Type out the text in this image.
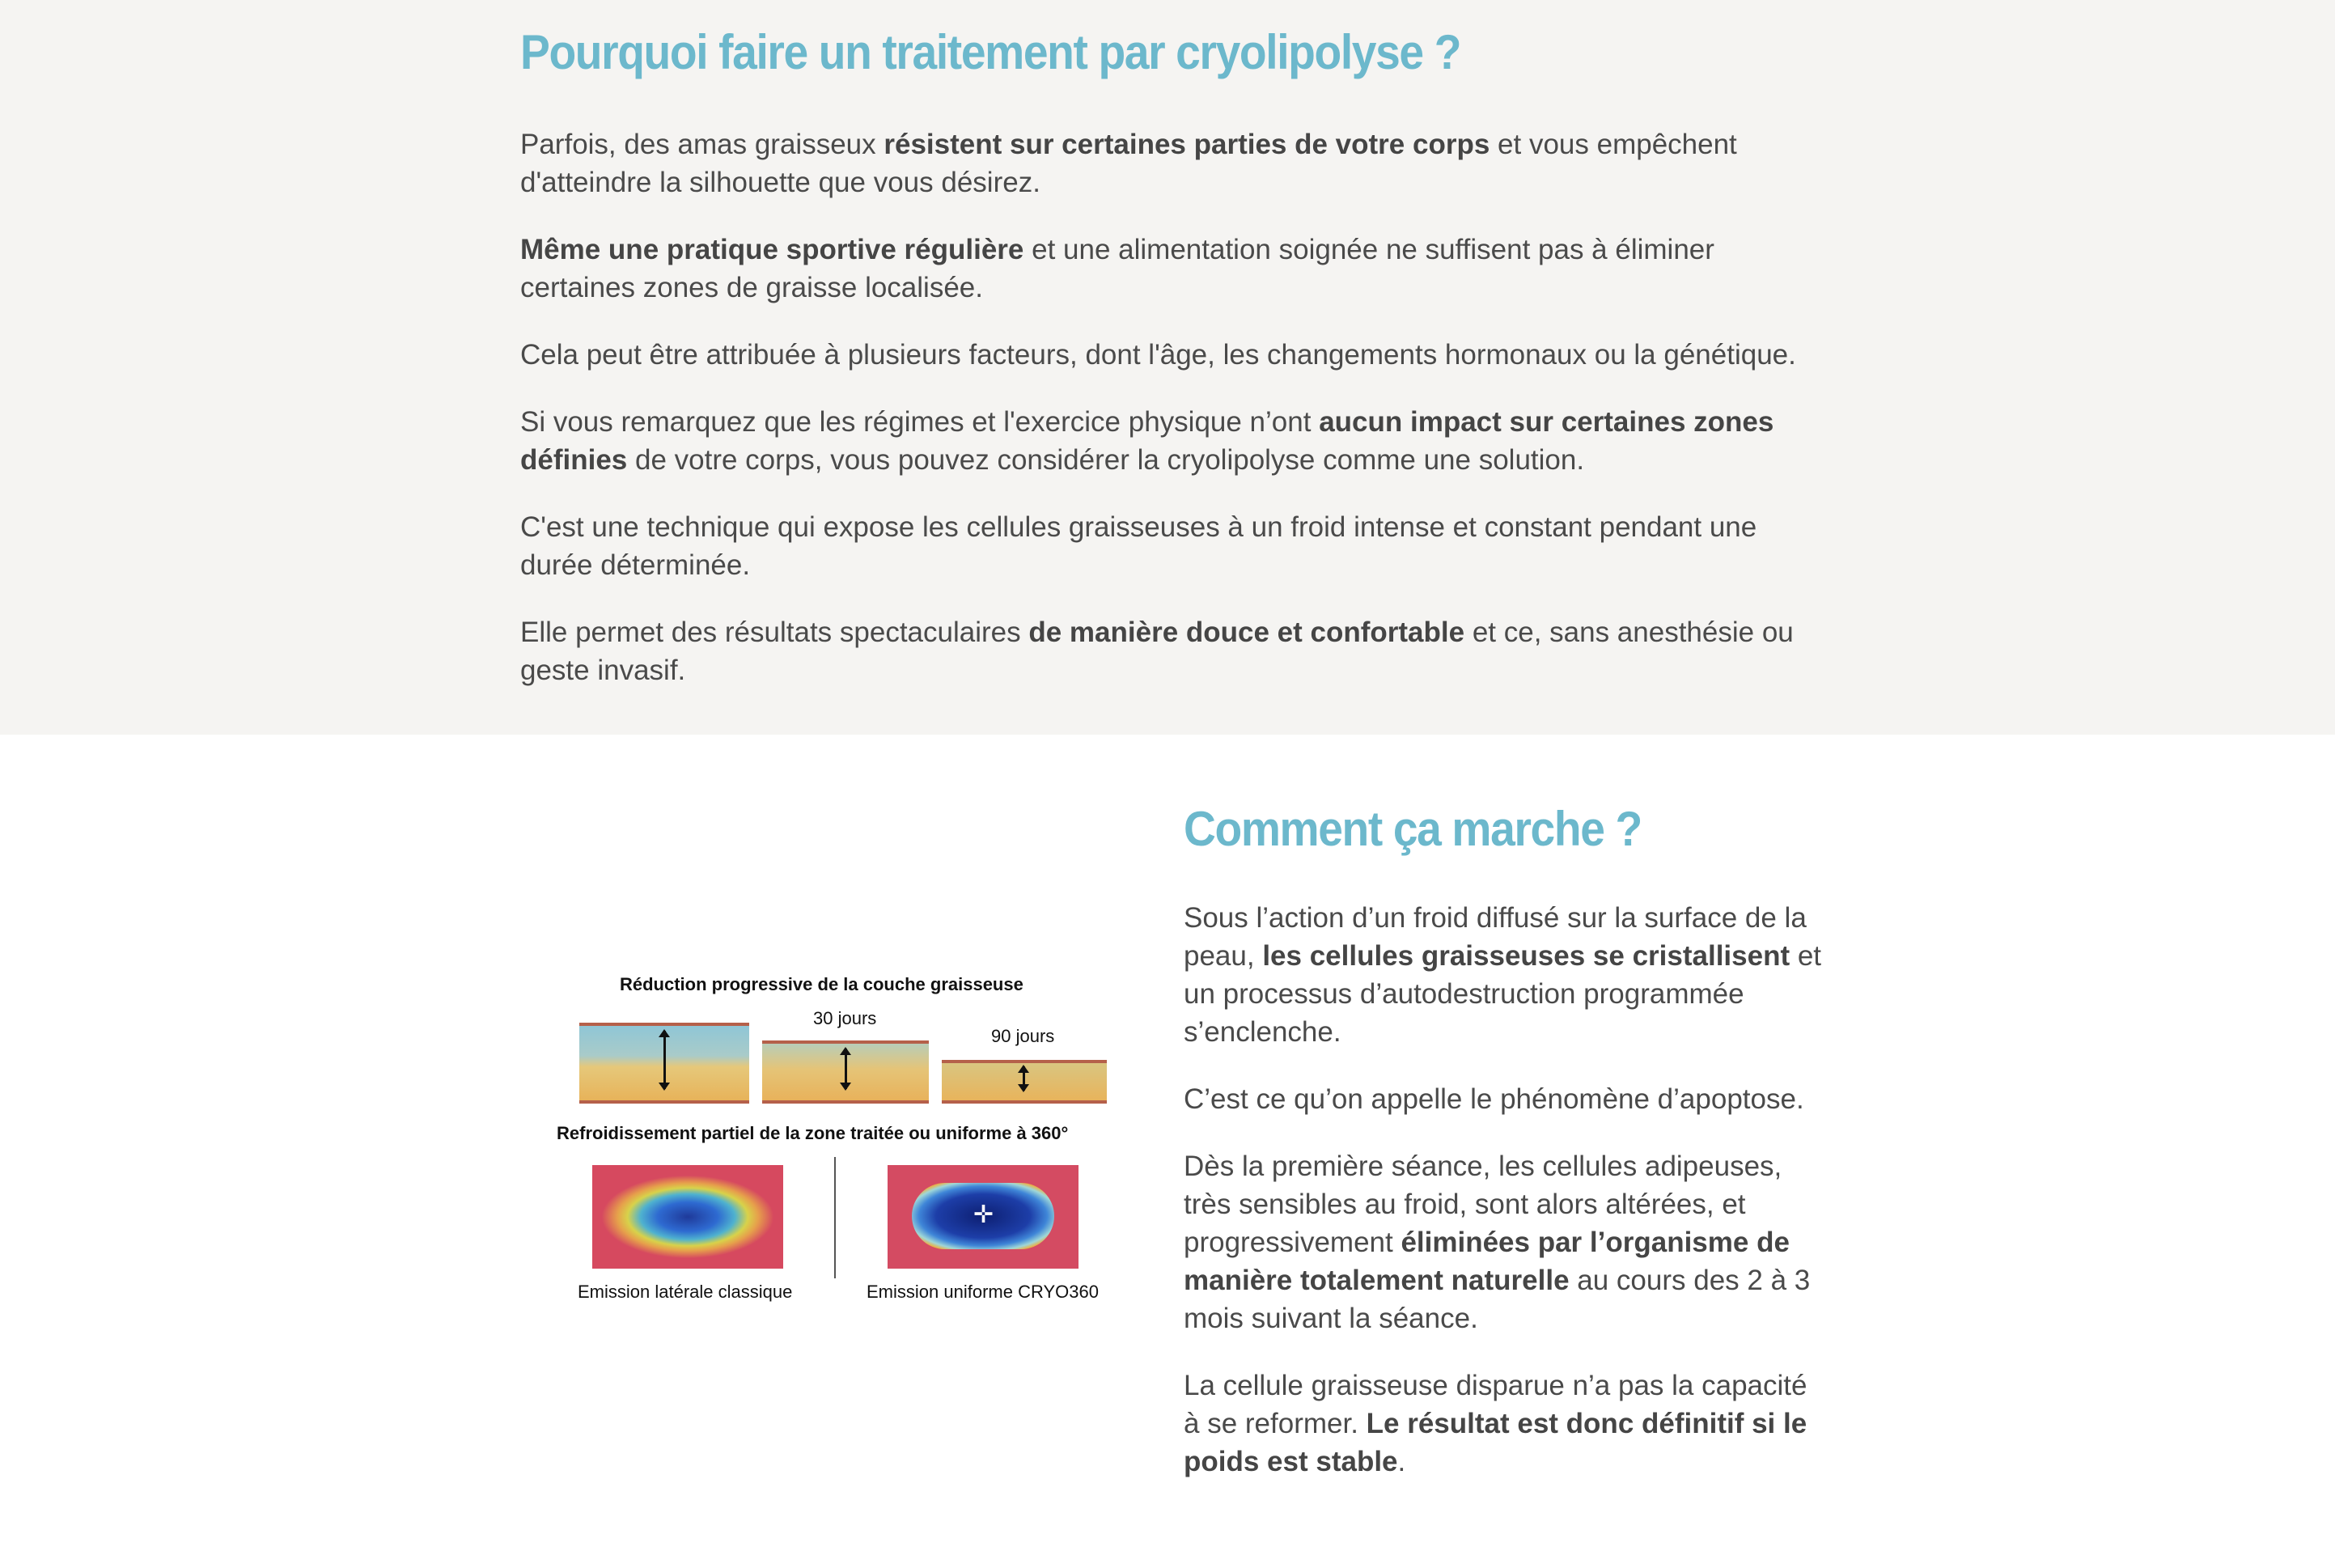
Pourquoi faire un traitement par cryolipolyse ?

Parfois, des amas graisseux résistent sur certaines parties de votre corps et vous empêchent d'atteindre la silhouette que vous désirez.

Même une pratique sportive régulière et une alimentation soignée ne suffisent pas à éliminer certaines zones de graisse localisée.

Cela peut être attribuée à plusieurs facteurs, dont l'âge, les changements hormonaux ou la génétique.

Si vous remarquez que les régimes et l'exercice physique n’ont aucun impact sur certaines zones définies de votre corps, vous pouvez considérer la cryolipolyse comme une solution.

C'est une technique qui expose les cellules graisseuses à un froid intense et constant pendant une durée déterminée.

Elle permet des résultats spectaculaires de manière douce et confortable et ce, sans anesthésie ou geste invasif.

Réduction progressive de la couche graisseuse
30 jours
90 jours
Refroidissement partiel de la zone traitée ou uniforme à 360°
✛
Emission latérale classique	Emission uniforme CRYO360
Comment ça marche ?

Sous l’action d’un froid diffusé sur la surface de la peau, les cellules graisseuses se cristallisent et un processus d’autodestruction programmée s’enclenche.

C’est ce qu’on appelle le phénomène d’apoptose.

Dès la première séance, les cellules adipeuses, très sensibles au froid, sont alors altérées, et progressivement éliminées par l’organisme de manière totalement naturelle au cours des 2 à 3 mois suivant la séance.

La cellule graisseuse disparue n’a pas la capacité à se reformer. Le résultat est donc définitif si le poids est stable.
